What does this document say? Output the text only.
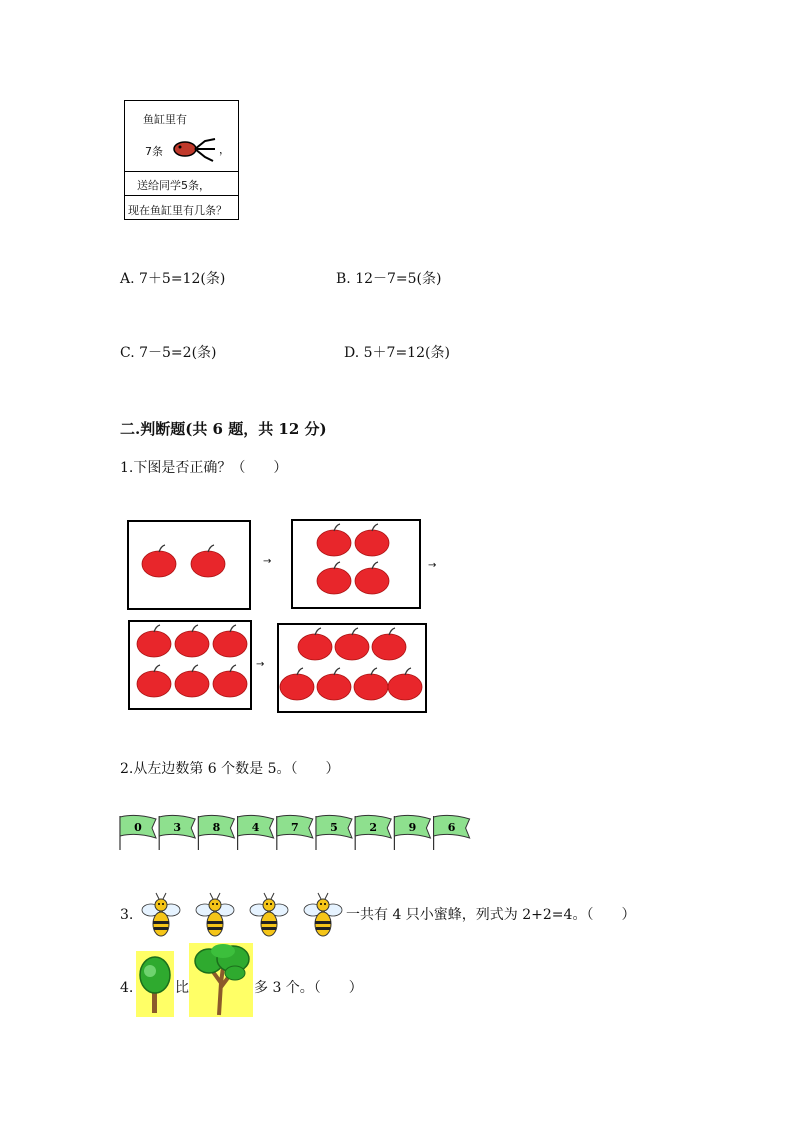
鱼缸里有
7条	，
送给同学5条，
现在鱼缸里有几条？
A. 7＋5=12(条)	B. 12－7=5(条)
C. 7－5=2(条)	D. 5＋7=12(条)
二.判断题(共 6 题，共 12 分)
1.下图是否正确？（　　）
→	→
→
2.从左边数第 6 个数是 5。（　　）
0	3	8	4	7	5	2	9	6
3.	一共有 4 只小蜜蜂，列式为 2+2=4。（　　）
4.	比	多 3 个。（　　）
